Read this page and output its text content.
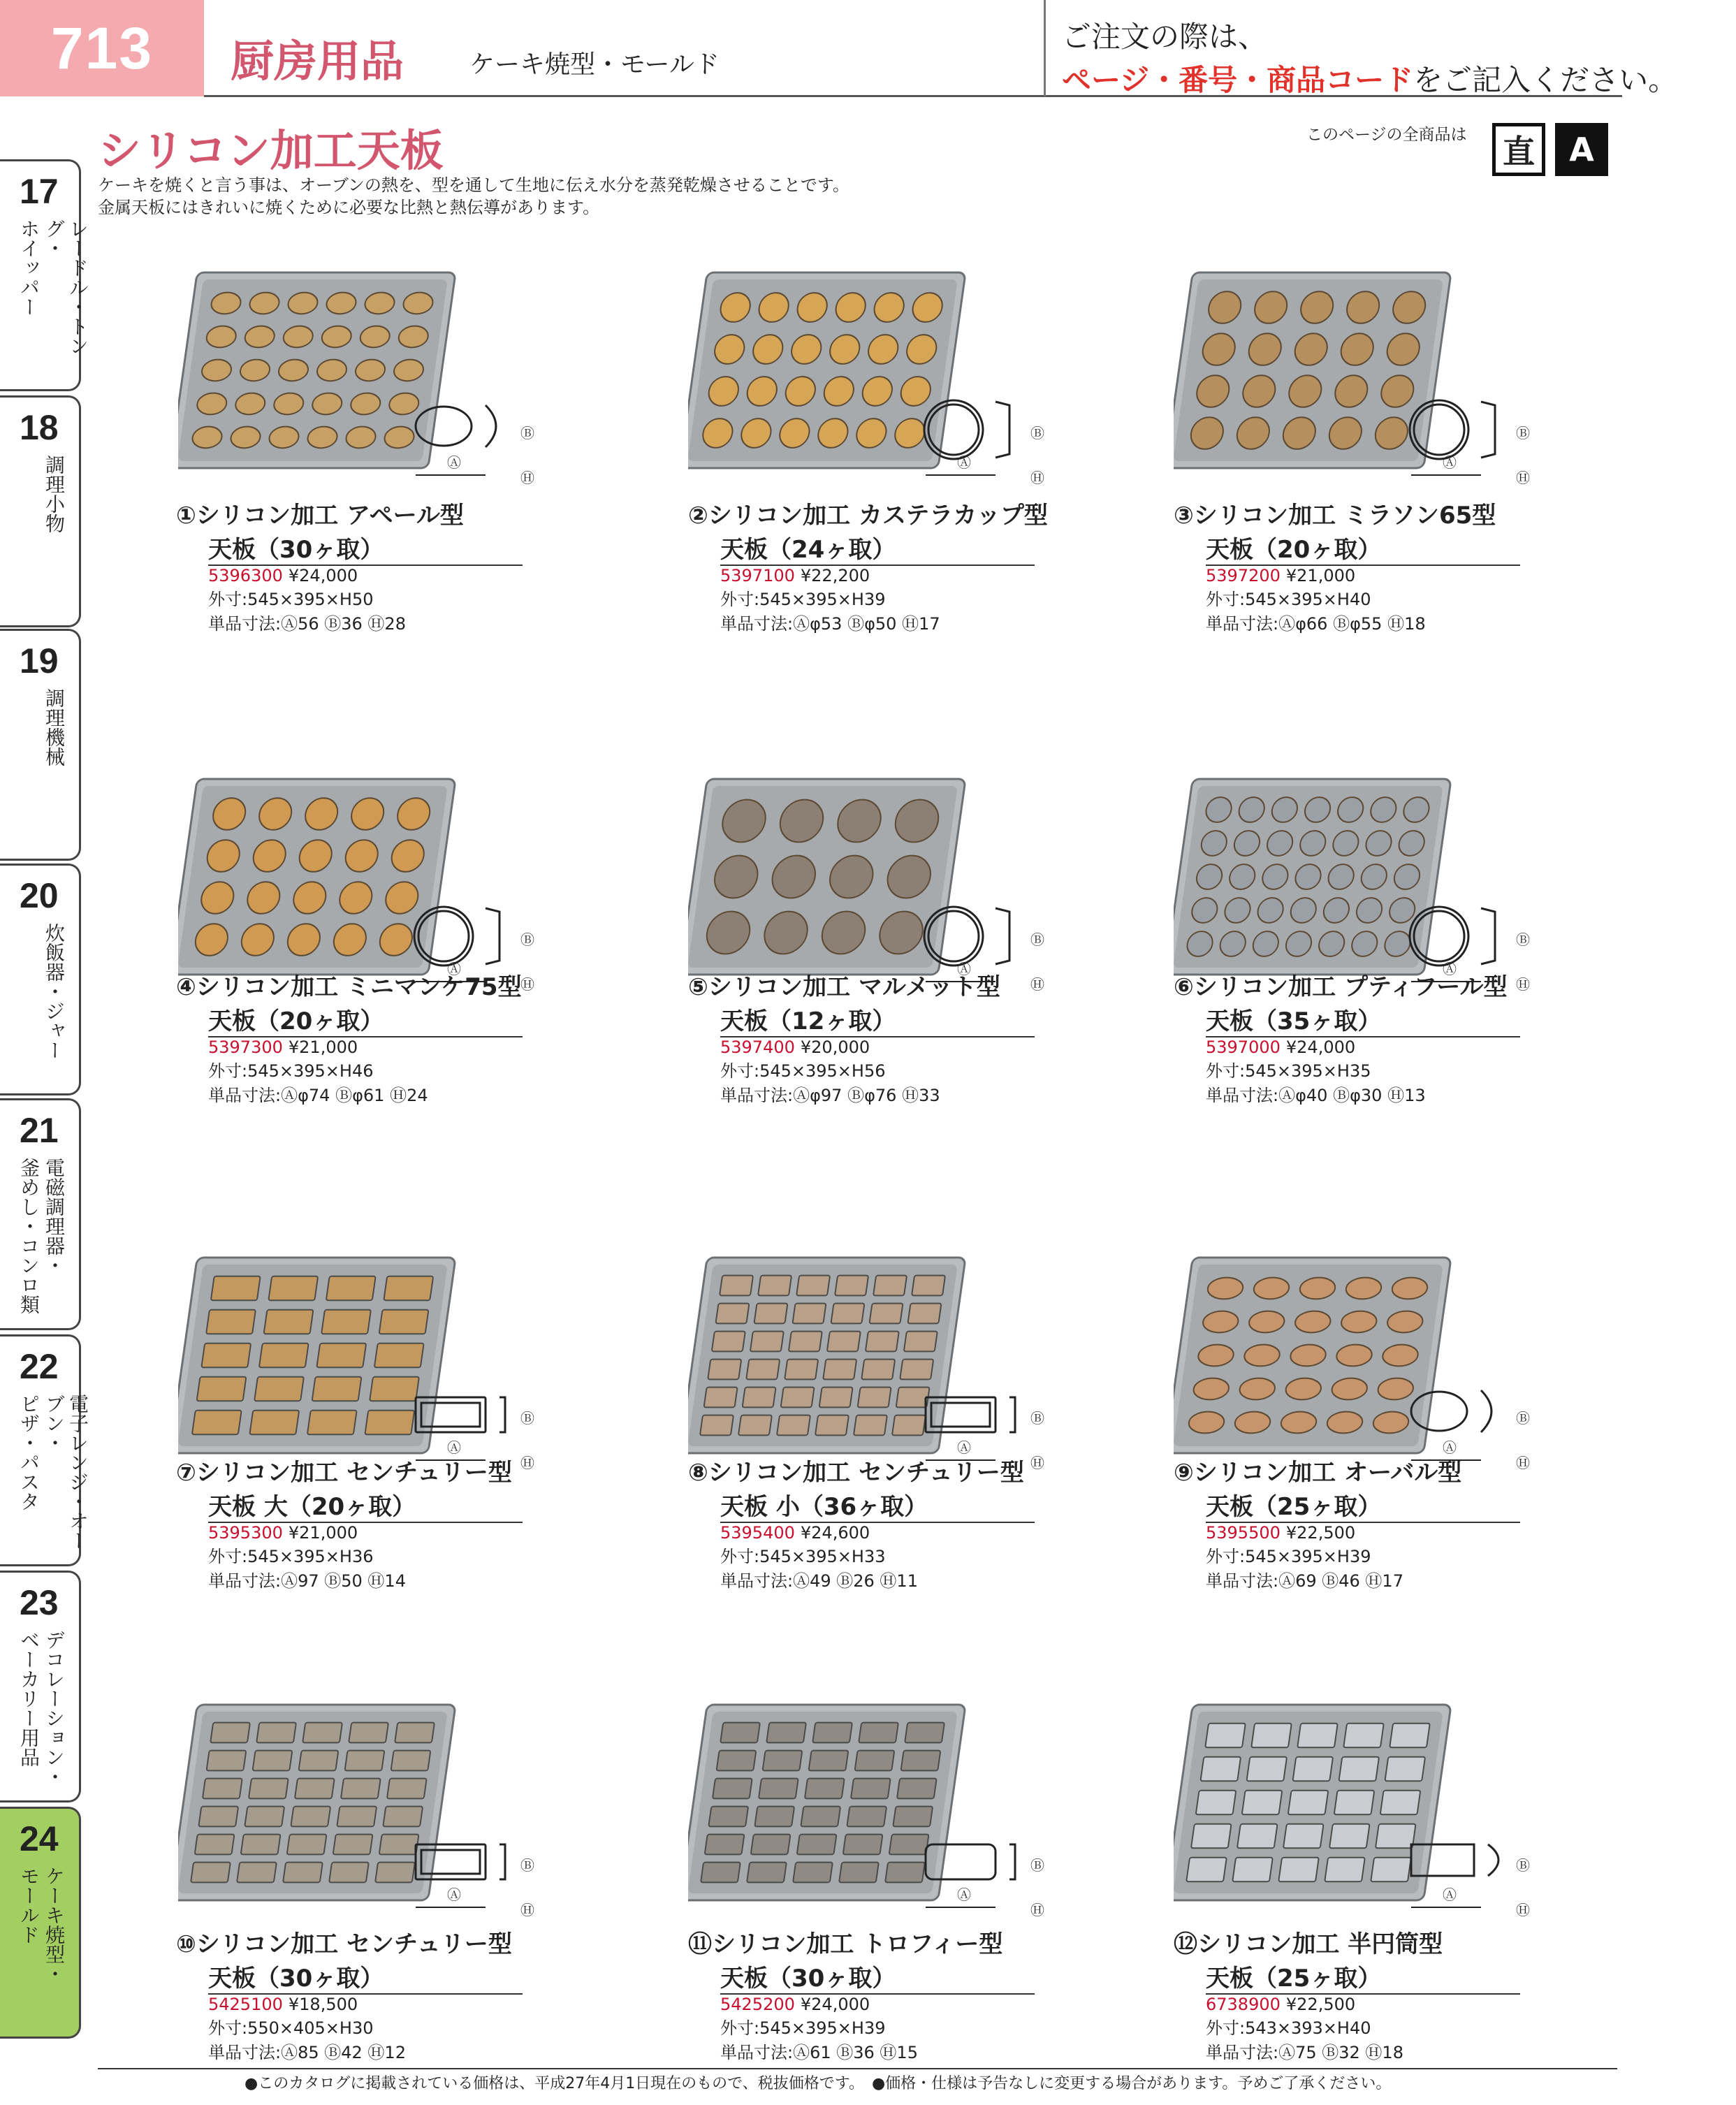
713	厨房用品	ケーキ焼型・モールド
ご注文の際は、
ページ・番号・商品コードをご記入ください。
シリコン加工天板	このページの全商品は	直	A
ケーキを焼くと言う事は、オーブンの熱を、型を通して生地に伝え水分を蒸発乾燥させることです。
金属天板にはきれいに焼くために必要な比熱と熱伝導があります。
17
レードル・トング・
ホイッパー
18
調理小物
19
調理機械
20
炊飯器・ジャー
21
電磁調理器・
釜めし・コンロ類
22
電子レンジ・オーブン・
ピザ・パスタ
23
デコレーション・
ベーカリー用品
24
ケーキ焼型・
モールド
Ⓐ
Ⓑ
Ⓗ
①シリコン加工 アペール型
天板（30ヶ取）
5396300 ¥24,000
外寸:545×395×H50
単品寸法:Ⓐ56 Ⓑ36 Ⓗ28
Ⓐ
Ⓑ
Ⓗ
②シリコン加工 カステラカップ型
天板（24ヶ取）
5397100 ¥22,200
外寸:545×395×H39
単品寸法:Ⓐφ53 Ⓑφ50 Ⓗ17
Ⓐ
Ⓑ
Ⓗ
③シリコン加工 ミラソン65型
天板（20ヶ取）
5397200 ¥21,000
外寸:545×395×H40
単品寸法:Ⓐφ66 Ⓑφ55 Ⓗ18
Ⓐ
Ⓑ
Ⓗ
④シリコン加工 ミニマンケ75型
天板（20ヶ取）
5397300 ¥21,000
外寸:545×395×H46
単品寸法:Ⓐφ74 Ⓑφ61 Ⓗ24
Ⓐ
Ⓑ
Ⓗ
⑤シリコン加工 マルメット型
天板（12ヶ取）
5397400 ¥20,000
外寸:545×395×H56
単品寸法:Ⓐφ97 Ⓑφ76 Ⓗ33
Ⓐ
Ⓑ
Ⓗ
⑥シリコン加工 プティフール型
天板（35ヶ取）
5397000 ¥24,000
外寸:545×395×H35
単品寸法:Ⓐφ40 Ⓑφ30 Ⓗ13
Ⓐ
Ⓑ
Ⓗ
⑦シリコン加工 センチュリー型
天板 大（20ヶ取）
5395300 ¥21,000
外寸:545×395×H36
単品寸法:Ⓐ97 Ⓑ50 Ⓗ14
Ⓐ
Ⓑ
Ⓗ
⑧シリコン加工 センチュリー型
天板 小（36ヶ取）
5395400 ¥24,600
外寸:545×395×H33
単品寸法:Ⓐ49 Ⓑ26 Ⓗ11
Ⓐ
Ⓑ
Ⓗ
⑨シリコン加工 オーバル型
天板（25ヶ取）
5395500 ¥22,500
外寸:545×395×H39
単品寸法:Ⓐ69 Ⓑ46 Ⓗ17
Ⓐ
Ⓑ
Ⓗ
⑩シリコン加工 センチュリー型
天板（30ヶ取）
5425100 ¥18,500
外寸:550×405×H30
単品寸法:Ⓐ85 Ⓑ42 Ⓗ12
Ⓐ
Ⓑ
Ⓗ
⑪シリコン加工 トロフィー型
天板（30ヶ取）
5425200 ¥24,000
外寸:545×395×H39
単品寸法:Ⓐ61 Ⓑ36 Ⓗ15
Ⓐ
Ⓑ
Ⓗ
⑫シリコン加工 半円筒型
天板（25ヶ取）
6738900 ¥22,500
外寸:543×393×H40
単品寸法:Ⓐ75 Ⓑ32 Ⓗ18
●このカタログに掲載されている価格は、平成27年4月1日現在のもので、税抜価格です。　●価格・仕様は予告なしに変更する場合があります。予めご了承ください。
